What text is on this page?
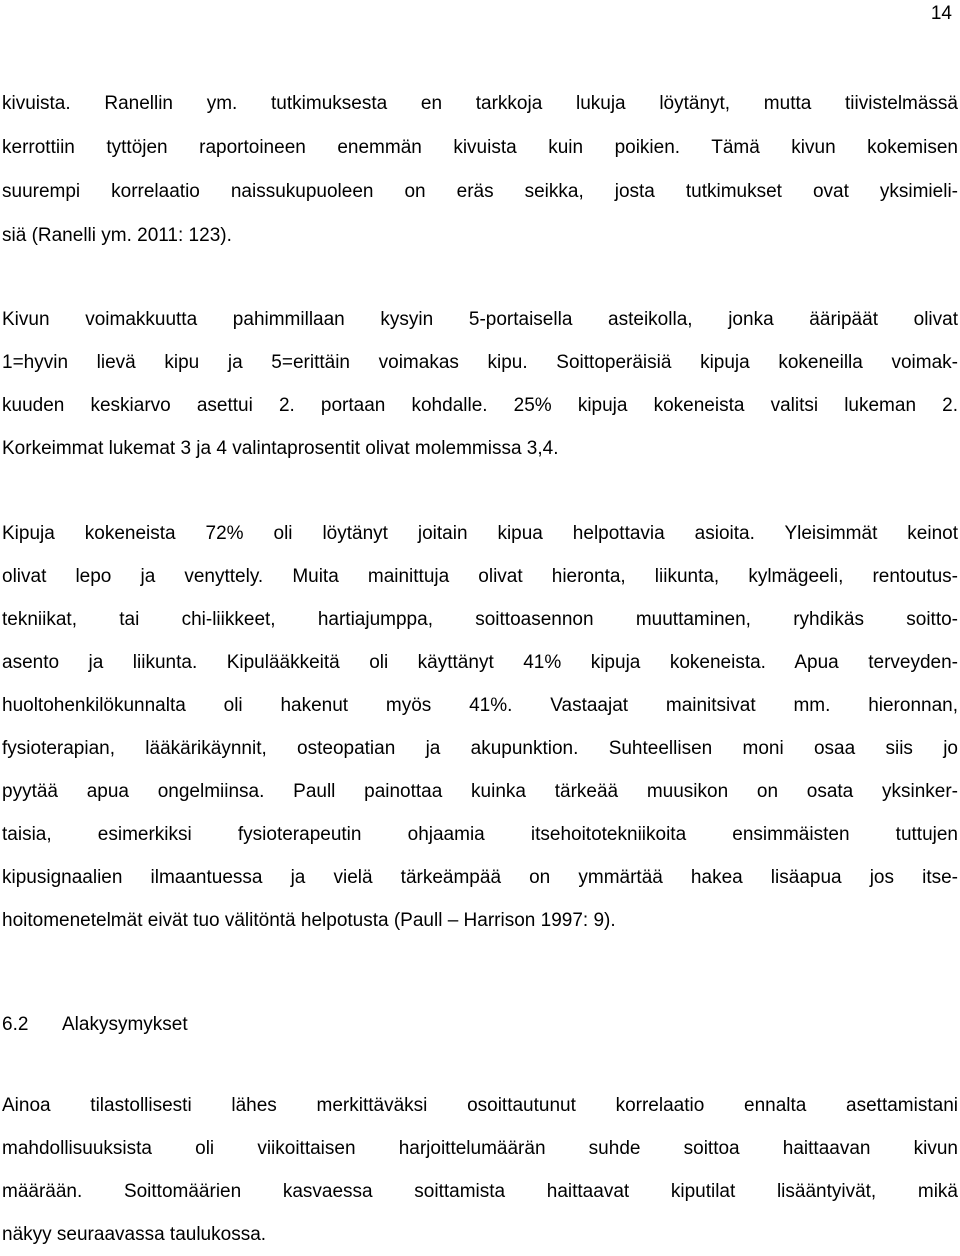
14
kivuista. Ranellin ym. tutkimuksesta en tarkkoja lukuja löytänyt, mutta tiivistelmässä
kerrottiin tyttöjen raportoineen enemmän kivuista kuin poikien. Tämä kivun kokemisen
suurempi korrelaatio naissukupuoleen on eräs seikka, josta tutkimukset ovat yksimieli-
siä (Ranelli ym. 2011: 123).
Kivun voimakkuutta pahimmillaan kysyin 5-portaisella asteikolla, jonka ääripäät olivat
1=hyvin lievä kipu ja 5=erittäin voimakas kipu. Soittoperäisiä kipuja kokeneilla voimak-
kuuden keskiarvo asettui 2. portaan kohdalle. 25% kipuja kokeneista valitsi lukeman 2.
Korkeimmat lukemat 3 ja 4 valintaprosentit olivat molemmissa 3,4.
Kipuja kokeneista 72% oli löytänyt joitain kipua helpottavia asioita. Yleisimmät keinot
olivat lepo ja venyttely. Muita mainittuja olivat hieronta, liikunta, kylmägeeli, rentoutus-
tekniikat, tai chi-liikkeet, hartiajumppa, soittoasennon muuttaminen, ryhdikäs soitto-
asento ja liikunta. Kipulääkkeitä oli käyttänyt 41% kipuja kokeneista. Apua terveyden-
huoltohenkilökunnalta oli hakenut myös 41%. Vastaajat mainitsivat mm. hieronnan,
fysioterapian, lääkärikäynnit, osteopatian ja akupunktion. Suhteellisen moni osaa siis jo
pyytää apua ongelmiinsa. Paull painottaa kuinka tärkeää muusikon on osata yksinker-
taisia, esimerkiksi fysioterapeutin ohjaamia itsehoitotekniikoita ensimmäisten tuttujen
kipusignaalien ilmaantuessa ja vielä tärkeämpää on ymmärtää hakea lisäapua jos itse-
hoitomenetelmät eivät tuo välitöntä helpotusta (Paull – Harrison 1997: 9).
6.2 Alakysymykset
Ainoa tilastollisesti lähes merkittäväksi osoittautunut korrelaatio ennalta asettamistani
mahdollisuuksista oli viikoittaisen harjoittelumäärän suhde soittoa haittaavan kivun
määrään. Soittomäärien kasvaessa soittamista haittaavat kiputilat lisääntyivät, mikä
näkyy seuraavassa taulukossa.
